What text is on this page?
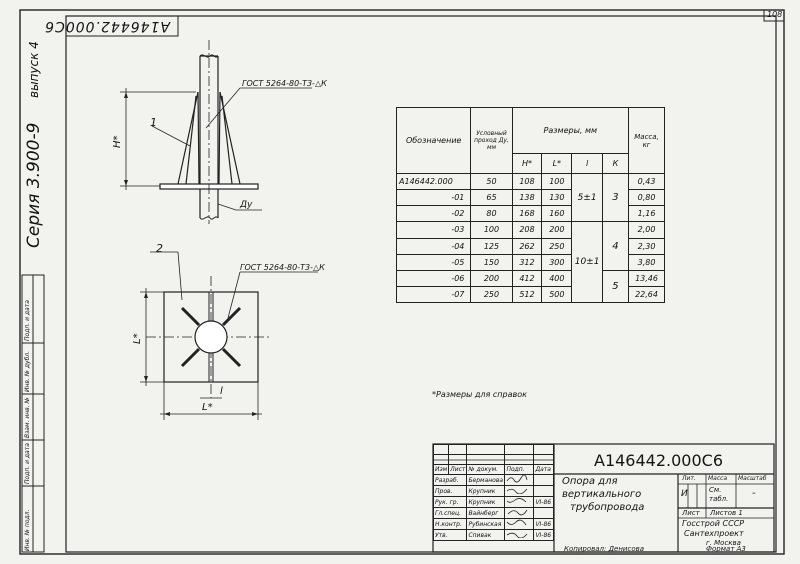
108
А146442.000С6
Серия 3.900-9
выпуск 4
Инв. № подл.
Подп. и дата
Взам. инв. №
Инв. № дубл.
Подп. и дата
ГОСТ 5264-80-Т3-△К
ГОСТ 5264-80-Т3-△К
1
2
Н*
Ду
L*
l
L*
*Размеры для справок
Обозначение	Условный проход Ду, мм	Размеры, мм				Масса, кг
		Н*	L*	l	К	
А146442.000	50	108	100	5±1	3	0,43
-01	65	138	130			0,80
-02	80	168	160			1,16
-03	100	208	200	10±1	4	2,00
-04	125	262	250			2,30
-05	150	312	300			3,80
-06	200	412	400		5	13,46
-07	250	512	500			22,64

Изм	Лист	№ докум.	Подп.	Дата
Разраб.		Берманова		
Пров.		Крупник		
Рук. гр.		Крупник		VI-86
Гл.спец.		Вайнберг		
Н.контр.		Рубинская		VI-86
Утв.		Спивак		VI-86
А146442.000С6
Опора для
вертикального
трубопровода
Лит. Масса Масштаб
И	См. табл.	-
Лист Листов 1
Госстрой СССР
Сантехпроект
г. Москва
Копировал: Денисова	Формат А3
